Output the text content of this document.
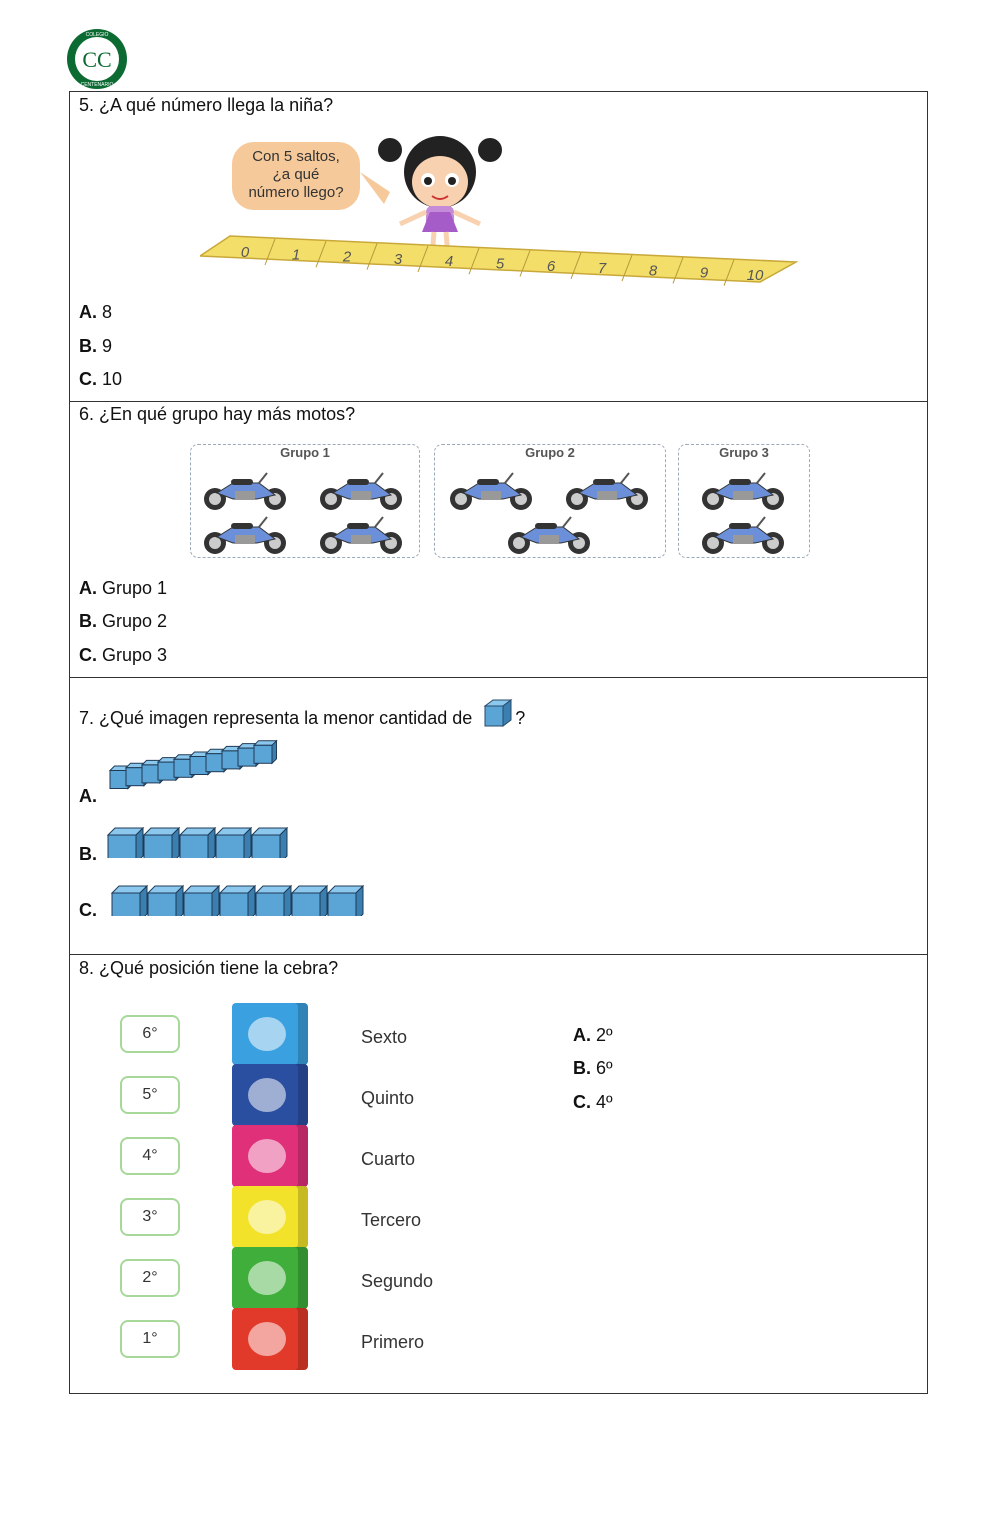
CC
COLEGIO
CENTENARIO
5. ¿A qué número llega la niña?
Con 5 saltos,
¿a qué
número llego?
0	1	2	3	4	5	6	7	8	9	10
A. 8
B. 9
C. 10
6. ¿En qué grupo hay más motos?
Grupo 1	Grupo 2	Grupo 3
A. Grupo 1
B. Grupo 2
C. Grupo 3
7. ¿Qué imagen representa la menor cantidad de ?
A.
B.
C.
8. ¿Qué posición tiene la cebra?
6°	Sexto
5°	Quinto
4°	Cuarto
3°	Tercero
2°	Segundo
1°	Primero
A. 2º
B. 6º
C. 4º
